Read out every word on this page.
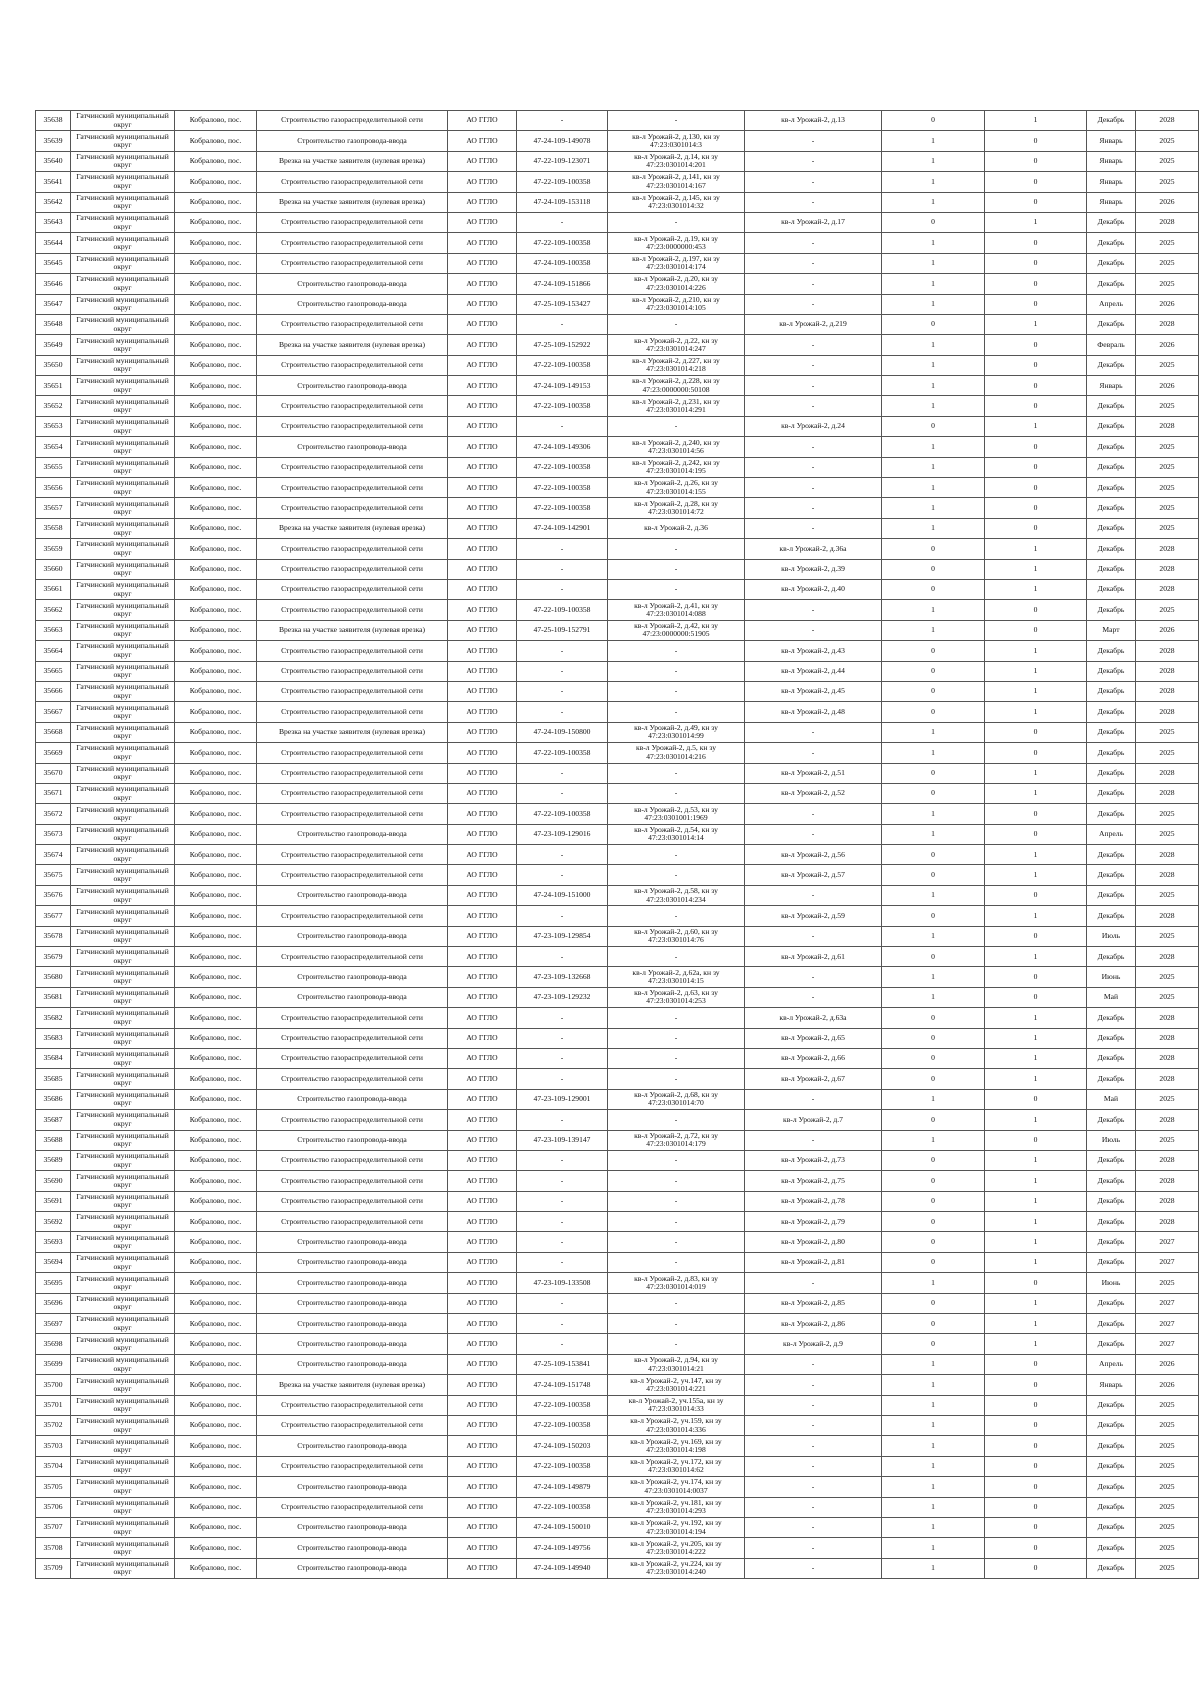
35638	Гатчинский муниципальный округ	Кобралово, пос.	Строительство газораспределительной сети	АО ГГЛО	-	-	кв-л Урожай-2, д.13	0	1	Декабрь	2028
35639	Гатчинский муниципальный округ	Кобралово, пос.	Строительство газопровода-ввода	АО ГГЛО	47-24-109-149078	кв-л Урожай-2, д.130, кн зу 47:23:0301014:3	-	1	0	Январь	2025
35640	Гатчинский муниципальный округ	Кобралово, пос.	Врезка на участке заявителя (нулевая врезка)	АО ГГЛО	47-22-109-123071	кв-л Урожай-2, д.14, кн зу 47:23:0301014:201	-	1	0	Январь	2025
35641	Гатчинский муниципальный округ	Кобралово, пос.	Строительство газораспределительной сети	АО ГГЛО	47-22-109-100358	кв-л Урожай-2, д.141, кн зу 47:23:0301014:167	-	1	0	Январь	2025
35642	Гатчинский муниципальный округ	Кобралово, пос.	Врезка на участке заявителя (нулевая врезка)	АО ГГЛО	47-24-109-153118	кв-л Урожай-2, д.145, кн зу 47:23:0301014:32	-	1	0	Январь	2026
35643	Гатчинский муниципальный округ	Кобралово, пос.	Строительство газораспределительной сети	АО ГГЛО	-	-	кв-л Урожай-2, д.17	0	1	Декабрь	2028
35644	Гатчинский муниципальный округ	Кобралово, пос.	Строительство газораспределительной сети	АО ГГЛО	47-22-109-100358	кв-л Урожай-2, д.19, кн зу 47:23:0000000:453	-	1	0	Декабрь	2025
35645	Гатчинский муниципальный округ	Кобралово, пос.	Строительство газораспределительной сети	АО ГГЛО	47-24-109-100358	кв-л Урожай-2, д.197, кн зу 47:23:0301014:174	-	1	0	Декабрь	2025
35646	Гатчинский муниципальный округ	Кобралово, пос.	Строительство газопровода-ввода	АО ГГЛО	47-24-109-151866	кв-л Урожай-2, д.20, кн зу 47:23:0301014:226	-	1	0	Декабрь	2025
35647	Гатчинский муниципальный округ	Кобралово, пос.	Строительство газопровода-ввода	АО ГГЛО	47-25-109-153427	кв-л Урожай-2, д.210, кн зу 47:23:0301014:105	-	1	0	Апрель	2026
35648	Гатчинский муниципальный округ	Кобралово, пос.	Строительство газораспределительной сети	АО ГГЛО	-	-	кв-л Урожай-2, д.219	0	1	Декабрь	2028
35649	Гатчинский муниципальный округ	Кобралово, пос.	Врезка на участке заявителя (нулевая врезка)	АО ГГЛО	47-25-109-152922	кв-л Урожай-2, д.22, кн зу 47:23:0301014:247	-	1	0	Февраль	2026
35650	Гатчинский муниципальный округ	Кобралово, пос.	Строительство газораспределительной сети	АО ГГЛО	47-22-109-100358	кв-л Урожай-2, д.227, кн зу 47:23:0301014:218	-	1	0	Декабрь	2025
35651	Гатчинский муниципальный округ	Кобралово, пос.	Строительство газопровода-ввода	АО ГГЛО	47-24-109-149153	кв-л Урожай-2, д.228, кн зу 47:23:0000000:50108	-	1	0	Январь	2026
35652	Гатчинский муниципальный округ	Кобралово, пос.	Строительство газораспределительной сети	АО ГГЛО	47-22-109-100358	кв-л Урожай-2, д.231, кн зу 47:23:0301014:291	-	1	0	Декабрь	2025
35653	Гатчинский муниципальный округ	Кобралово, пос.	Строительство газораспределительной сети	АО ГГЛО	-	-	кв-л Урожай-2, д.24	0	1	Декабрь	2028
35654	Гатчинский муниципальный округ	Кобралово, пос.	Строительство газопровода-ввода	АО ГГЛО	47-24-109-149306	кв-л Урожай-2, д.240, кн зу 47:23:0301014:56	-	1	0	Декабрь	2025
35655	Гатчинский муниципальный округ	Кобралово, пос.	Строительство газораспределительной сети	АО ГГЛО	47-22-109-100358	кв-л Урожай-2, д.242, кн зу 47:23:0301014:195	-	1	0	Декабрь	2025
35656	Гатчинский муниципальный округ	Кобралово, пос.	Строительство газораспределительной сети	АО ГГЛО	47-22-109-100358	кв-л Урожай-2, д.26, кн зу 47:23:0301014:155	-	1	0	Декабрь	2025
35657	Гатчинский муниципальный округ	Кобралово, пос.	Строительство газораспределительной сети	АО ГГЛО	47-22-109-100358	кв-л Урожай-2, д.28, кн зу 47:23:0301014:72	-	1	0	Декабрь	2025
35658	Гатчинский муниципальный округ	Кобралово, пос.	Врезка на участке заявителя (нулевая врезка)	АО ГГЛО	47-24-109-142901	кв-л Урожай-2, д.36	-	1	0	Декабрь	2025
35659	Гатчинский муниципальный округ	Кобралово, пос.	Строительство газораспределительной сети	АО ГГЛО	-	-	кв-л Урожай-2, д.36а	0	1	Декабрь	2028
35660	Гатчинский муниципальный округ	Кобралово, пос.	Строительство газораспределительной сети	АО ГГЛО	-	-	кв-л Урожай-2, д.39	0	1	Декабрь	2028
35661	Гатчинский муниципальный округ	Кобралово, пос.	Строительство газораспределительной сети	АО ГГЛО	-	-	кв-л Урожай-2, д.40	0	1	Декабрь	2028
35662	Гатчинский муниципальный округ	Кобралово, пос.	Строительство газораспределительной сети	АО ГГЛО	47-22-109-100358	кв-л Урожай-2, д.41, кн зу 47:23:0301014:088	-	1	0	Декабрь	2025
35663	Гатчинский муниципальный округ	Кобралово, пос.	Врезка на участке заявителя (нулевая врезка)	АО ГГЛО	47-25-109-152791	кв-л Урожай-2, д.42, кн зу 47:23:0000000:51905	-	1	0	Март	2026
35664	Гатчинский муниципальный округ	Кобралово, пос.	Строительство газораспределительной сети	АО ГГЛО	-	-	кв-л Урожай-2, д.43	0	1	Декабрь	2028
35665	Гатчинский муниципальный округ	Кобралово, пос.	Строительство газораспределительной сети	АО ГГЛО	-	-	кв-л Урожай-2, д.44	0	1	Декабрь	2028
35666	Гатчинский муниципальный округ	Кобралово, пос.	Строительство газораспределительной сети	АО ГГЛО	-	-	кв-л Урожай-2, д.45	0	1	Декабрь	2028
35667	Гатчинский муниципальный округ	Кобралово, пос.	Строительство газораспределительной сети	АО ГГЛО	-	-	кв-л Урожай-2, д.48	0	1	Декабрь	2028
35668	Гатчинский муниципальный округ	Кобралово, пос.	Врезка на участке заявителя (нулевая врезка)	АО ГГЛО	47-24-109-150800	кв-л Урожай-2, д.49, кн зу 47:23:0301014:99	-	1	0	Декабрь	2025
35669	Гатчинский муниципальный округ	Кобралово, пос.	Строительство газораспределительной сети	АО ГГЛО	47-22-109-100358	кв-л Урожай-2, д.5, кн зу 47:23:0301014:216	-	1	0	Декабрь	2025
35670	Гатчинский муниципальный округ	Кобралово, пос.	Строительство газораспределительной сети	АО ГГЛО	-	-	кв-л Урожай-2, д.51	0	1	Декабрь	2028
35671	Гатчинский муниципальный округ	Кобралово, пос.	Строительство газораспределительной сети	АО ГГЛО	-	-	кв-л Урожай-2, д.52	0	1	Декабрь	2028
35672	Гатчинский муниципальный округ	Кобралово, пос.	Строительство газораспределительной сети	АО ГГЛО	47-22-109-100358	кв-л Урожай-2, д.53, кн зу 47:23:0301001:1969	-	1	0	Декабрь	2025
35673	Гатчинский муниципальный округ	Кобралово, пос.	Строительство газопровода-ввода	АО ГГЛО	47-23-109-129016	кв-л Урожай-2, д.54, кн зу 47:23:0301014:14	-	1	0	Апрель	2025
35674	Гатчинский муниципальный округ	Кобралово, пос.	Строительство газораспределительной сети	АО ГГЛО	-	-	кв-л Урожай-2, д.56	0	1	Декабрь	2028
35675	Гатчинский муниципальный округ	Кобралово, пос.	Строительство газораспределительной сети	АО ГГЛО	-	-	кв-л Урожай-2, д.57	0	1	Декабрь	2028
35676	Гатчинский муниципальный округ	Кобралово, пос.	Строительство газопровода-ввода	АО ГГЛО	47-24-109-151000	кв-л Урожай-2, д.58, кн зу 47:23:0301014:234	-	1	0	Декабрь	2025
35677	Гатчинский муниципальный округ	Кобралово, пос.	Строительство газораспределительной сети	АО ГГЛО	-	-	кв-л Урожай-2, д.59	0	1	Декабрь	2028
35678	Гатчинский муниципальный округ	Кобралово, пос.	Строительство газопровода-ввода	АО ГГЛО	47-23-109-129854	кв-л Урожай-2, д.60, кн зу 47:23:0301014:76	-	1	0	Июль	2025
35679	Гатчинский муниципальный округ	Кобралово, пос.	Строительство газораспределительной сети	АО ГГЛО	-	-	кв-л Урожай-2, д.61	0	1	Декабрь	2028
35680	Гатчинский муниципальный округ	Кобралово, пос.	Строительство газопровода-ввода	АО ГГЛО	47-23-109-132668	кв-л Урожай-2, д.62а, кн зу 47:23:0301014:15	-	1	0	Июнь	2025
35681	Гатчинский муниципальный округ	Кобралово, пос.	Строительство газопровода-ввода	АО ГГЛО	47-23-109-129232	кв-л Урожай-2, д.63, кн зу 47:23:0301014:253	-	1	0	Май	2025
35682	Гатчинский муниципальный округ	Кобралово, пос.	Строительство газораспределительной сети	АО ГГЛО	-	-	кв-л Урожай-2, д.63а	0	1	Декабрь	2028
35683	Гатчинский муниципальный округ	Кобралово, пос.	Строительство газораспределительной сети	АО ГГЛО	-	-	кв-л Урожай-2, д.65	0	1	Декабрь	2028
35684	Гатчинский муниципальный округ	Кобралово, пос.	Строительство газораспределительной сети	АО ГГЛО	-	-	кв-л Урожай-2, д.66	0	1	Декабрь	2028
35685	Гатчинский муниципальный округ	Кобралово, пос.	Строительство газораспределительной сети	АО ГГЛО	-	-	кв-л Урожай-2, д.67	0	1	Декабрь	2028
35686	Гатчинский муниципальный округ	Кобралово, пос.	Строительство газопровода-ввода	АО ГГЛО	47-23-109-129001	кв-л Урожай-2, д.68, кн зу 47:23:0301014:70	-	1	0	Май	2025
35687	Гатчинский муниципальный округ	Кобралово, пос.	Строительство газораспределительной сети	АО ГГЛО	-	-	кв-л Урожай-2, д.7	0	1	Декабрь	2028
35688	Гатчинский муниципальный округ	Кобралово, пос.	Строительство газопровода-ввода	АО ГГЛО	47-23-109-139147	кв-л Урожай-2, д.72, кн зу 47:23:0301014:179	-	1	0	Июль	2025
35689	Гатчинский муниципальный округ	Кобралово, пос.	Строительство газораспределительной сети	АО ГГЛО	-	-	кв-л Урожай-2, д.73	0	1	Декабрь	2028
35690	Гатчинский муниципальный округ	Кобралово, пос.	Строительство газораспределительной сети	АО ГГЛО	-	-	кв-л Урожай-2, д.75	0	1	Декабрь	2028
35691	Гатчинский муниципальный округ	Кобралово, пос.	Строительство газораспределительной сети	АО ГГЛО	-	-	кв-л Урожай-2, д.78	0	1	Декабрь	2028
35692	Гатчинский муниципальный округ	Кобралово, пос.	Строительство газораспределительной сети	АО ГГЛО	-	-	кв-л Урожай-2, д.79	0	1	Декабрь	2028
35693	Гатчинский муниципальный округ	Кобралово, пос.	Строительство газопровода-ввода	АО ГГЛО	-	-	кв-л Урожай-2, д.80	0	1	Декабрь	2027
35694	Гатчинский муниципальный округ	Кобралово, пос.	Строительство газопровода-ввода	АО ГГЛО	-	-	кв-л Урожай-2, д.81	0	1	Декабрь	2027
35695	Гатчинский муниципальный округ	Кобралово, пос.	Строительство газопровода-ввода	АО ГГЛО	47-23-109-133508	кв-л Урожай-2, д.83, кн зу 47:23:0301014:019	-	1	0	Июнь	2025
35696	Гатчинский муниципальный округ	Кобралово, пос.	Строительство газопровода-ввода	АО ГГЛО	-	-	кв-л Урожай-2, д.85	0	1	Декабрь	2027
35697	Гатчинский муниципальный округ	Кобралово, пос.	Строительство газопровода-ввода	АО ГГЛО	-	-	кв-л Урожай-2, д.86	0	1	Декабрь	2027
35698	Гатчинский муниципальный округ	Кобралово, пос.	Строительство газопровода-ввода	АО ГГЛО	-	-	кв-л Урожай-2, д.9	0	1	Декабрь	2027
35699	Гатчинский муниципальный округ	Кобралово, пос.	Строительство газопровода-ввода	АО ГГЛО	47-25-109-153841	кв-л Урожай-2, д.94, кн зу 47:23:0301014:21	-	1	0	Апрель	2026
35700	Гатчинский муниципальный округ	Кобралово, пос.	Врезка на участке заявителя (нулевая врезка)	АО ГГЛО	47-24-109-151748	кв-л Урожай-2, уч.147, кн зу 47:23:0301014:221	-	1	0	Январь	2026
35701	Гатчинский муниципальный округ	Кобралово, пос.	Строительство газораспределительной сети	АО ГГЛО	47-22-109-100358	кв-л Урожай-2, уч.155а, кн зу 47:23:0301014:33	-	1	0	Декабрь	2025
35702	Гатчинский муниципальный округ	Кобралово, пос.	Строительство газораспределительной сети	АО ГГЛО	47-22-109-100358	кв-л Урожай-2, уч.159, кн зу 47:23:0301014:336	-	1	0	Декабрь	2025
35703	Гатчинский муниципальный округ	Кобралово, пос.	Строительство газопровода-ввода	АО ГГЛО	47-24-109-150203	кв-л Урожай-2, уч.169, кн зу 47:23:0301014:198	-	1	0	Декабрь	2025
35704	Гатчинский муниципальный округ	Кобралово, пос.	Строительство газораспределительной сети	АО ГГЛО	47-22-109-100358	кв-л Урожай-2, уч.172, кн зу 47:23:0301014:62	-	1	0	Декабрь	2025
35705	Гатчинский муниципальный округ	Кобралово, пос.	Строительство газопровода-ввода	АО ГГЛО	47-24-109-149879	кв-л Урожай-2, уч.174, кн зу 47:23:0301014:0037	-	1	0	Декабрь	2025
35706	Гатчинский муниципальный округ	Кобралово, пос.	Строительство газораспределительной сети	АО ГГЛО	47-22-109-100358	кв-л Урожай-2, уч.181, кн зу 47:23:0301014:293	-	1	0	Декабрь	2025
35707	Гатчинский муниципальный округ	Кобралово, пос.	Строительство газопровода-ввода	АО ГГЛО	47-24-109-150010	кв-л Урожай-2, уч.192, кн зу 47:23:0301014:194	-	1	0	Декабрь	2025
35708	Гатчинский муниципальный округ	Кобралово, пос.	Строительство газопровода-ввода	АО ГГЛО	47-24-109-149756	кв-л Урожай-2, уч.205, кн зу 47:23:0301014:222	-	1	0	Декабрь	2025
35709	Гатчинский муниципальный округ	Кобралово, пос.	Строительство газопровода-ввода	АО ГГЛО	47-24-109-149940	кв-л Урожай-2, уч.224, кн зу 47:23:0301014:240	-	1	0	Декабрь	2025
